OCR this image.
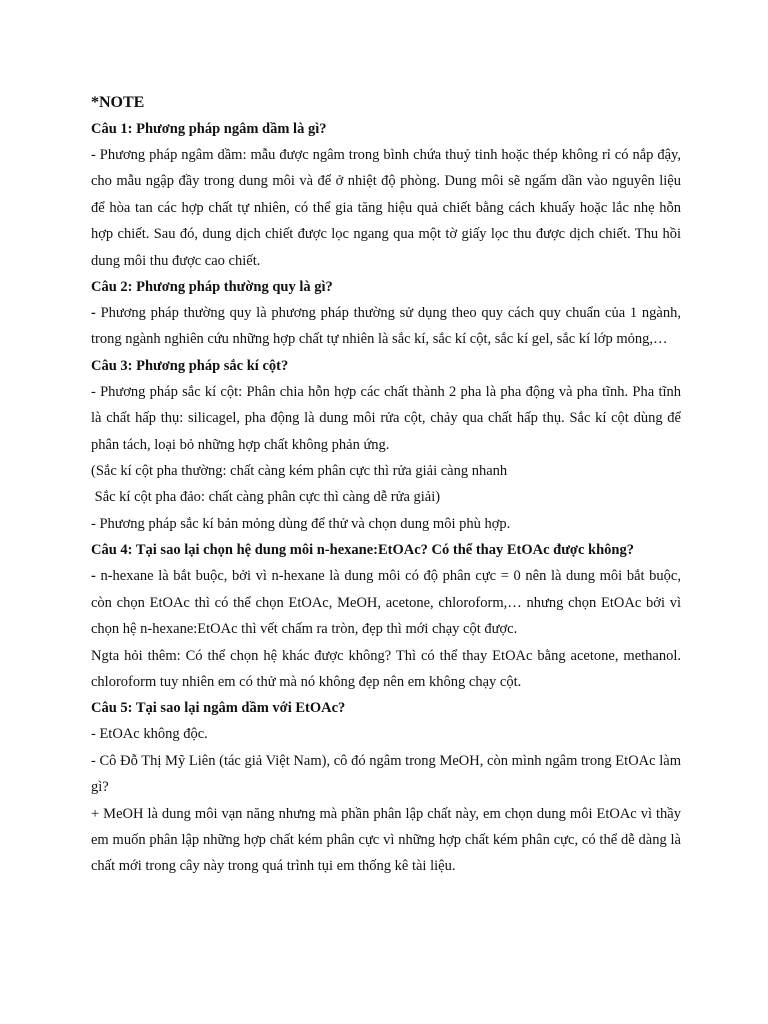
*NOTE

Câu 1: Phương pháp ngâm dầm là gì?

- Phương pháp ngâm dầm: mẫu được ngâm trong bình chứa thuỷ tinh hoặc thép không rỉ có nắp đậy, cho mẫu ngập đầy trong dung môi và để ở nhiệt độ phòng. Dung môi sẽ ngấm dần vào nguyên liệu để hòa tan các hợp chất tự nhiên, có thể gia tăng hiệu quả chiết bằng cách khuấy hoặc lắc nhẹ hỗn hợp chiết. Sau đó, dung dịch chiết được lọc ngang qua một tờ giấy lọc thu được dịch chiết. Thu hồi dung môi thu được cao chiết.

Câu 2: Phương pháp thường quy là gì?

- Phương pháp thường quy là phương pháp thường sử dụng theo quy cách quy chuẩn của 1 ngành, trong ngành nghiên cứu những hợp chất tự nhiên là sắc kí, sắc kí cột, sắc kí gel, sắc kí lớp mỏng,…

Câu 3: Phương pháp sắc kí cột?

- Phương pháp sắc kí cột: Phân chia hỗn hợp các chất thành 2 pha là pha động và pha tĩnh. Pha tĩnh là chất hấp thụ: silicagel, pha động là dung môi rửa cột, chảy qua chất hấp thụ. Sắc kí cột dùng để phân tách, loại bỏ những hợp chất không phản ứng.

(Sắc kí cột pha thường: chất càng kém phân cực thì rửa giải càng nhanh

Sắc kí cột pha đảo: chất càng phân cực thì càng dễ rửa giải)

- Phương pháp sắc kí bản mỏng dùng để thử và chọn dung môi phù hợp.

Câu 4: Tại sao lại chọn hệ dung môi n-hexane:EtOAc? Có thể thay EtOAc được không?

- n-hexane là bắt buộc, bởi vì n-hexane là dung môi có độ phân cực = 0 nên là dung môi bắt buộc, còn chọn EtOAc thì có thể chọn EtOAc, MeOH, acetone, chloroform,… nhưng chọn EtOAc bởi vì chọn hệ n-hexane:EtOAc thì vết chấm ra tròn, đẹp thì mới chạy cột được.

Ngta hỏi thêm: Có thể chọn hệ khác được không? Thì có thể thay EtOAc bằng acetone, methanol. chloroform tuy nhiên em có thử mà nó không đẹp nên em không chạy cột.

Câu 5: Tại sao lại ngâm dầm với EtOAc?

- EtOAc không độc.

- Cô Đỗ Thị Mỹ Liên (tác giả Việt Nam), cô đó ngâm trong MeOH, còn mình ngâm trong EtOAc làm gì?

+ MeOH là dung môi vạn năng nhưng mà phần phân lập chất này, em chọn dung môi EtOAc vì thầy em muốn phân lập những hợp chất kém phân cực vì những hợp chất kém phân cực, có thể dễ dàng là chất mới trong cây này trong quá trình tụi em thống kê tài liệu.
